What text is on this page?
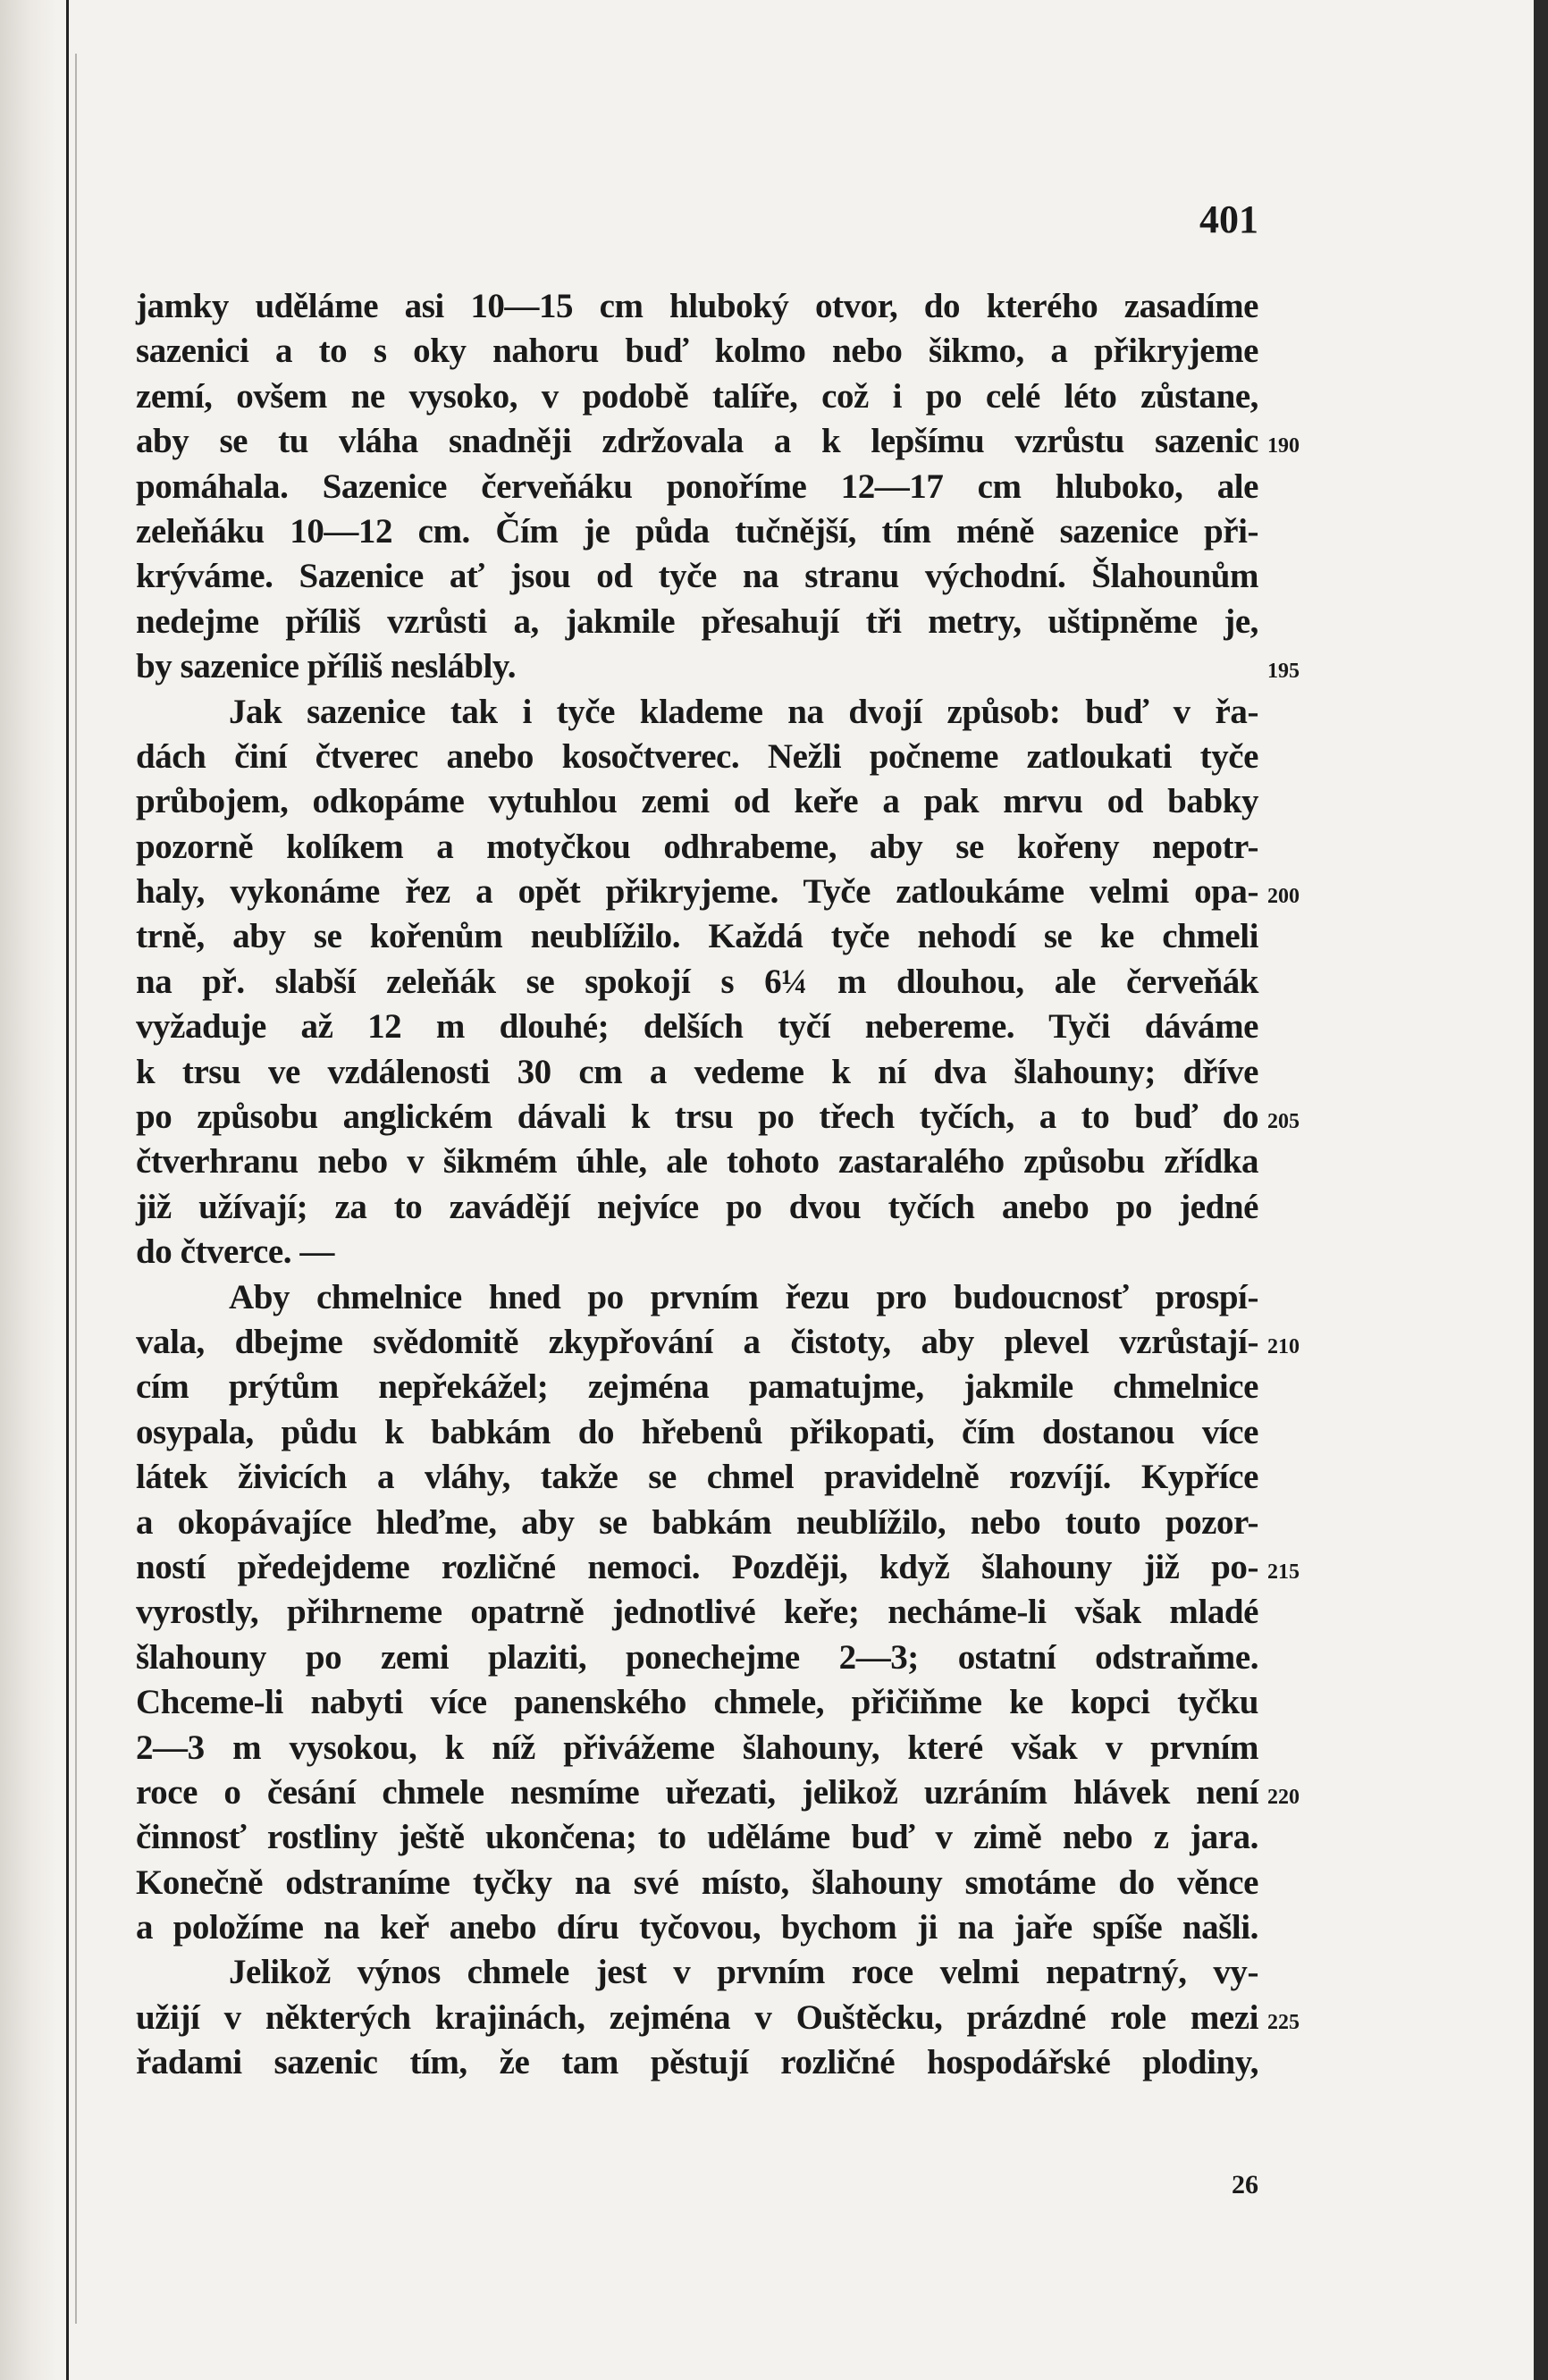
401
jamky uděláme asi 10—15 cm hluboký otvor, do kterého zasadíme
sazenici a to s oky nahoru buď kolmo nebo šikmo, a přikryjeme
zemí, ovšem ne vysoko, v podobě talíře, což i po celé léto zůstane,
aby se tu vláha snadněji zdržovala a k lepšímu vzrůstu sazenic
pomáhala. Sazenice červeňáku ponoříme 12—17 cm hluboko, ale
zeleňáku 10—12 cm. Čím je půda tučnější, tím méně sazenice při-
krýváme. Sazenice ať jsou od tyče na stranu východní. Šlahounům
nedejme příliš vzrůsti a, jakmile přesahují tři metry, uštipněme je,
by sazenice příliš neslábly.
Jak sazenice tak i tyče klademe na dvojí způsob: buď v řa-
dách činí čtverec anebo kosočtverec. Nežli počneme zatloukati tyče
průbojem, odkopáme vytuhlou zemi od keře a pak mrvu od babky
pozorně kolíkem a motyčkou odhrabeme, aby se kořeny nepotr-
haly, vykonáme řez a opět přikryjeme. Tyče zatloukáme velmi opa-
trně, aby se kořenům neublížilo. Každá tyče nehodí se ke chmeli
na př. slabší zeleňák se spokojí s 6¼ m dlouhou, ale červeňák
vyžaduje až 12 m dlouhé; delších tyčí nebereme. Tyči dáváme
k trsu ve vzdálenosti 30 cm a vedeme k ní dva šlahouny; dříve
po způsobu anglickém dávali k trsu po třech tyčích, a to buď do
čtverhranu nebo v šikmém úhle, ale tohoto zastaralého způsobu zřídka
již užívají; za to zavádějí nejvíce po dvou tyčích anebo po jedné
do čtverce. —
Aby chmelnice hned po prvním řezu pro budoucnosť prospí-
vala, dbejme svědomitě zkypřování a čistoty, aby plevel vzrůstají-
cím prýtům nepřekážel; zejména pamatujme, jakmile chmelnice
osypala, půdu k babkám do hřebenů přikopati, čím dostanou více
látek živicích a vláhy, takže se chmel pravidelně rozvíjí. Kypříce
a okopávajíce hleďme, aby se babkám neublížilo, nebo touto pozor-
ností předejdeme rozličné nemoci. Později, když šlahouny již po-
vyrostly, přihrneme opatrně jednotlivé keře; necháme-li však mladé
šlahouny po zemi plaziti, ponechejme 2—3; ostatní odstraňme.
Chceme-li nabyti více panenského chmele, přičiňme ke kopci tyčku
2—3 m vysokou, k níž přivážeme šlahouny, které však v prvním
roce o česání chmele nesmíme uřezati, jelikož uzráním hlávek není
činnosť rostliny ještě ukončena; to uděláme buď v zimě nebo z jara.
Konečně odstraníme tyčky na své místo, šlahouny smotáme do věnce
a položíme na keř anebo díru tyčovou, bychom ji na jaře spíše našli.
Jelikož výnos chmele jest v prvním roce velmi nepatrný, vy-
užijí v některých krajinách, zejména v Ouštěcku, prázdné role mezi
řadami sazenic tím, že tam pěstují rozličné hospodářské plodiny,
190
195
200
205
210
215
220
225
26
